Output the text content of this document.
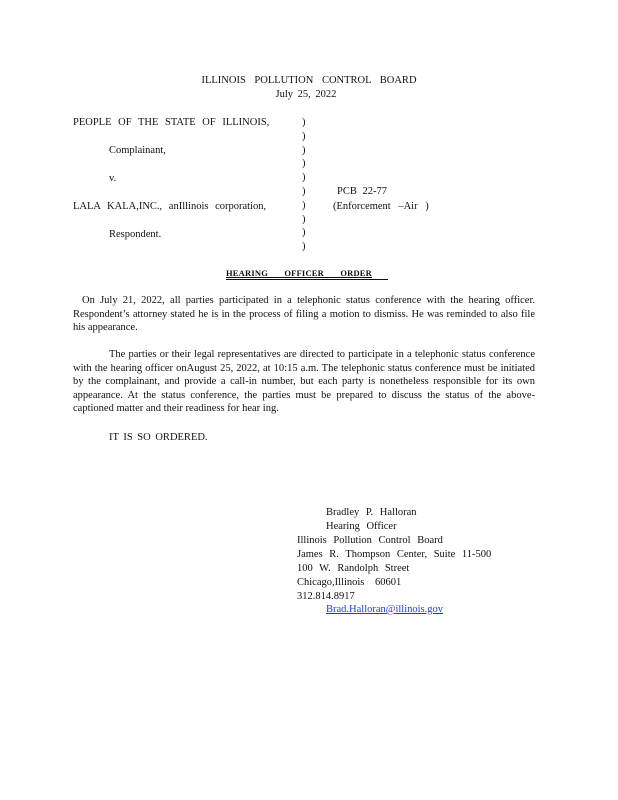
ILLINOIS POLLUTION CONTROL BOARD
July 25, 2022
PEOPLE OF THE STATE OF ILLINOIS,
Complainant,
v.
LALA KALA,INC., anIllinois corporation,
Respondent.
)
)
)
)
)
)
)
)
)
)
PCB 22-77
(Enforcement –Air )
HEARING OFFICER ORDER
On July 21, 2022, all parties participated in a telephonic status conference with the hearing officer. Respondent’s attorney stated he is in the process of filing a motion to dismiss. He was reminded to also file his appearance.
The parties or their legal representatives are directed to participate in a telephonic status conference with the hearing officer onAugust 25, 2022, at 10:15 a.m. The telephonic status conference must be initiated by the complainant, and provide a call-in number, but each party is nonetheless responsible for its own appearance. At the status conference, the parties must be prepared to discuss the status of the above- captioned matter and their readiness for hear ing.
IT IS SO ORDERED.
Bradley P. Halloran
Hearing Officer
Illinois Pollution Control Board
James R. Thompson Center, Suite 11-500
100 W. Randolph Street
Chicago,Illinois 60601
312.814.8917
Brad.Halloran@illinois.gov
